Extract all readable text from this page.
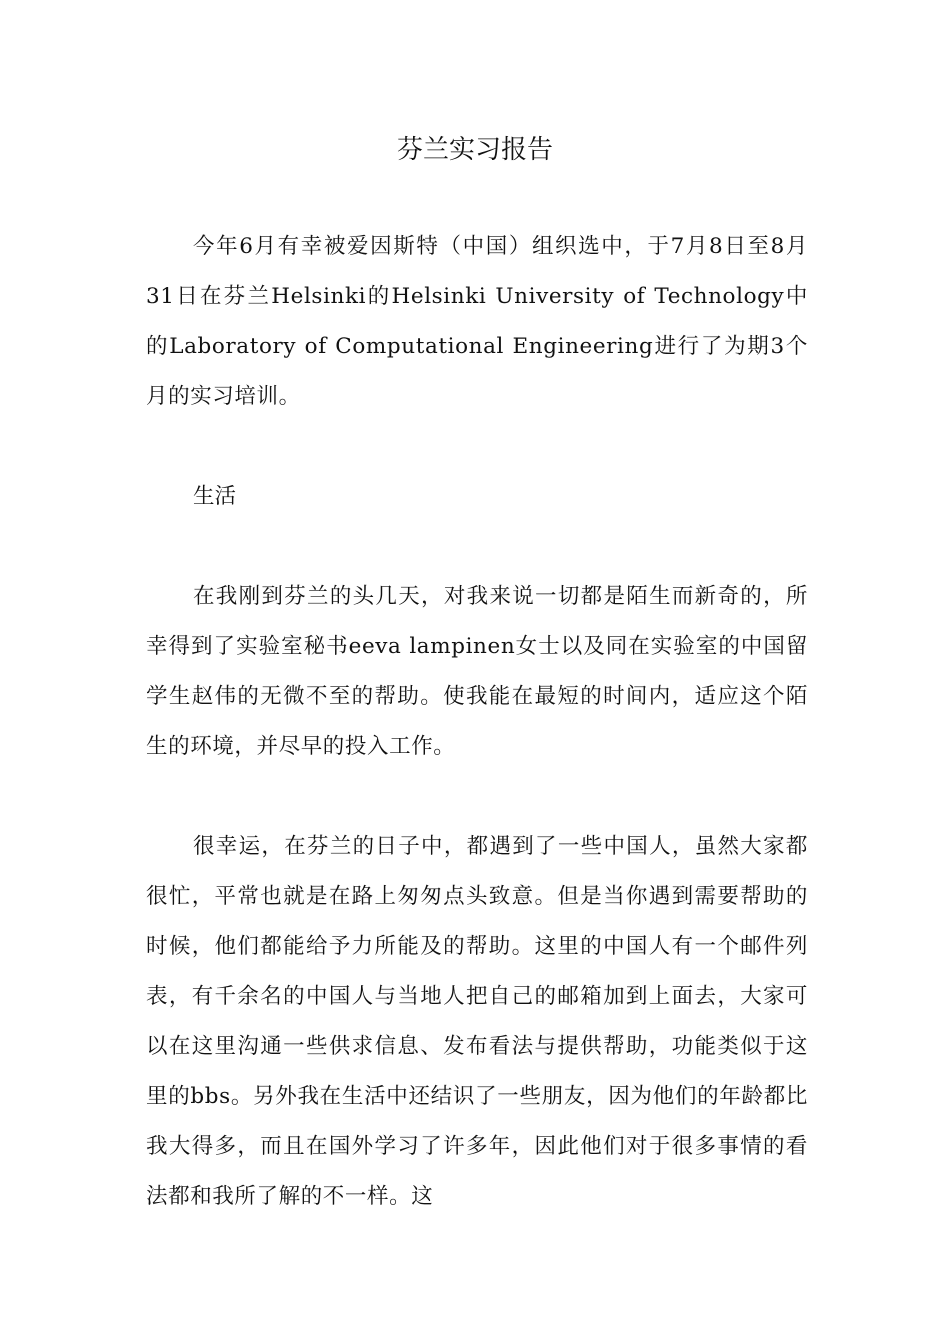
芬兰实习报告

今年6月有幸被爱因斯特（中国）组织选中，于7月8日至8月31日在芬兰Helsinki的Helsinki University of Technology中的Laboratory of Computational Engineering进行了为期3个月的实习培训。

生活

在我刚到芬兰的头几天，对我来说一切都是陌生而新奇的，所幸得到了实验室秘书eeva lampinen女士以及同在实验室的中国留学生赵伟的无微不至的帮助。使我能在最短的时间内，适应这个陌生的环境，并尽早的投入工作。

很幸运，在芬兰的日子中，都遇到了一些中国人，虽然大家都很忙，平常也就是在路上匆匆点头致意。但是当你遇到需要帮助的时候，他们都能给予力所能及的帮助。这里的中国人有一个邮件列表，有千余名的中国人与当地人把自己的邮箱加到上面去，大家可以在这里沟通一些供求信息、发布看法与提供帮助，功能类似于这里的bbs。另外我在生活中还结识了一些朋友，因为他们的年龄都比我大得多，而且在国外学习了许多年，因此他们对于很多事情的看法都和我所了解的不一样。这
